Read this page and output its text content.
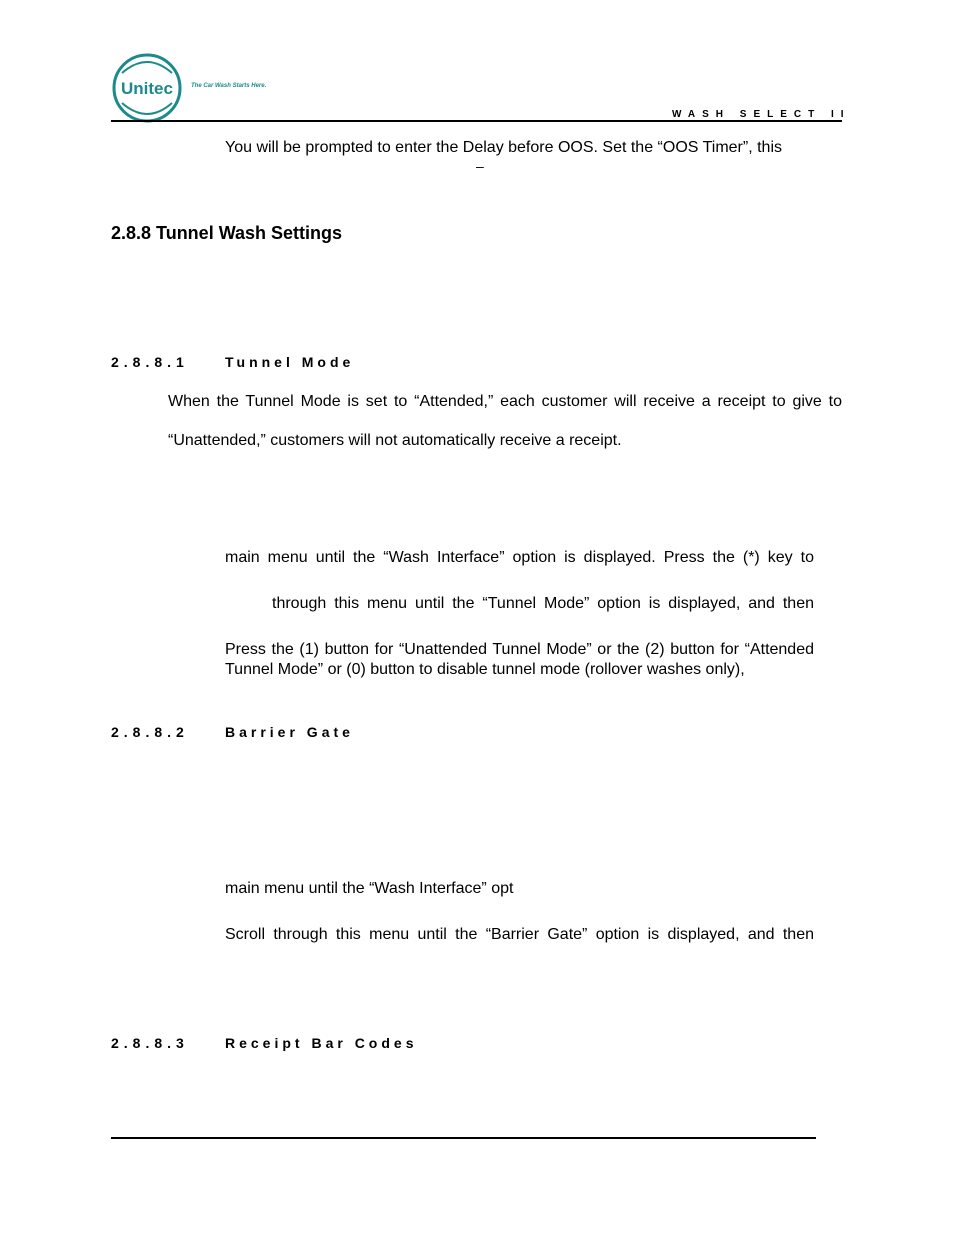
Unitec	The Car Wash Starts Here.
WASH SELECT II
You will be prompted to enter the Delay before OOS. Set the “OOS Timer”, this
–
2.8.8 Tunnel Wash Settings
2.8.8.1	Tunnel Mode
When the Tunnel Mode is set to “Attended,” each customer will receive a receipt to give to
“Unattended,” customers will not automatically receive a receipt.
main menu until the “Wash Interface” option is displayed. Press the (*) key to
through this menu until the “Tunnel Mode” option is displayed, and then
Press the (1) button for “Unattended Tunnel Mode” or the (2) button for “Attended
Tunnel Mode” or (0) button to disable tunnel mode (rollover washes only),
2.8.8.2	Barrier Gate
main menu until the “Wash Interface” opt
Scroll through this menu until the “Barrier Gate” option is displayed, and then
2.8.8.3	Receipt Bar Codes
